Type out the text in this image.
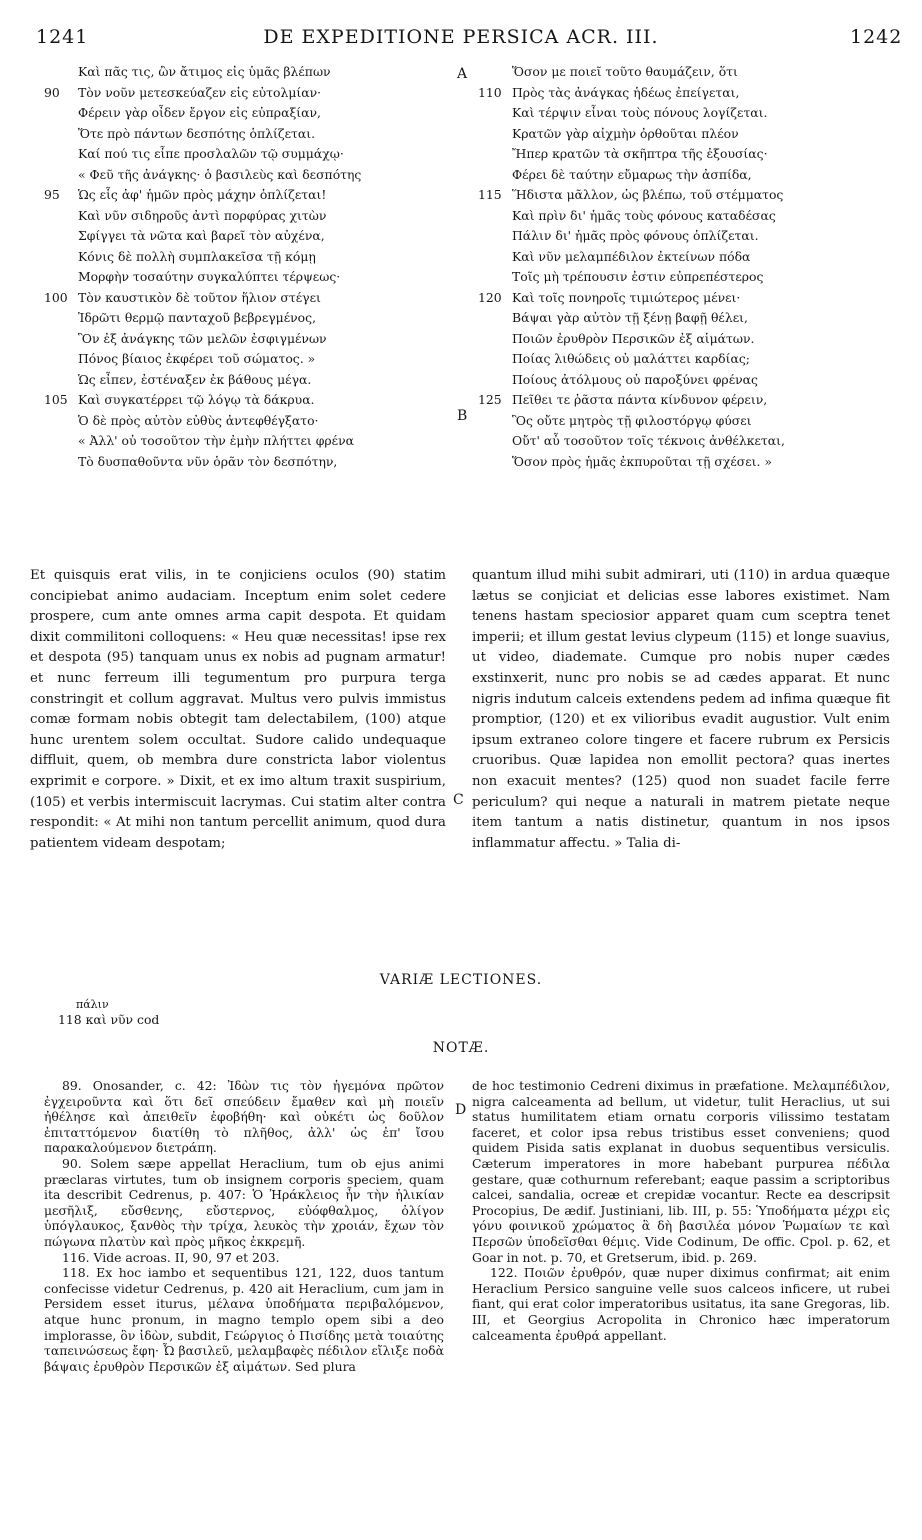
1241	DE EXPEDITIONE PERSICA ACR. III.	1242
Καὶ πᾶς τις, ὢν ἄτιμος εἰς ὑμᾶς βλέπων
90 Τὸν νοῦν μετεσκεύαζεν εἰς εὐτολμίαν·
Φέρειν γὰρ οἶδεν ἔργον εἰς εὐπραξίαν,
Ὅτε πρὸ πάντων δεσπότης ὁπλίζεται.
Καί πού τις εἶπε προσλαλῶν τῷ συμμάχῳ·
« Φεῦ τῆς ἀνάγκης· ὁ βασιλεὺς καὶ δεσπότης
95 Ὡς εἷς ἀφ' ἡμῶν πρὸς μάχην ὁπλίζεται!
Καὶ νῦν σιδηροῦς ἀντὶ πορφύρας χιτὼν
Σφίγγει τὰ νῶτα καὶ βαρεῖ τὸν αὐχένα,
Κόνις δὲ πολλὴ συμπλακεῖσα τῇ κόμῃ
Μορφὴν τοσαύτην συγκαλύπτει τέρψεως·
100 Τὸν καυστικὸν δὲ τοῦτον ἥλιον στέγει
Ἱδρῶτι θερμῷ πανταχοῦ βεβρεγμένος,
Ὃν ἐξ ἀνάγκης τῶν μελῶν ἐσφιγμένων
Πόνος βίαιος ἐκφέρει τοῦ σώματος. »
Ὡς εἶπεν, ἐστέναξεν ἐκ βάθους μέγα.
105 Καὶ συγκατέρρει τῷ λόγῳ τὰ δάκρυα.
Ὁ δὲ πρὸς αὐτὸν εὐθὺς ἀντεφθέγξατο·
« Ἀλλ' οὐ τοσοῦτον τὴν ἐμὴν πλήττει φρένα
Τὸ δυσπαθοῦντα νῦν ὁρᾶν τὸν δεσπότην,
Ὅσον με ποιεῖ τοῦτο θαυμάζειν, ὅτι
110 Πρὸς τὰς ἀνάγκας ἡδέως ἐπείγεται,
Καὶ τέρψιν εἶναι τοὺς πόνους λογίζεται.
Κρατῶν γὰρ αἰχμὴν ὀρθοῦται πλέον
Ἤπερ κρατῶν τὰ σκῆπτρα τῆς ἐξουσίας·
Φέρει δὲ ταύτην εὔμαρως τὴν ἀσπίδα,
115 Ἥδιστα μᾶλλον, ὡς βλέπω, τοῦ στέμματος
Καὶ πρὶν δι' ἡμᾶς τοὺς φόνους καταδέσας
Πάλιν δι' ἡμᾶς πρὸς φόνους ὁπλίζεται.
Καὶ νῦν μελαμπέδιλον ἐκτείνων πόδα
Τοῖς μὴ τρέπουσιν ἐστιν εὐπρεπέστερος
120 Καὶ τοῖς πονηροῖς τιμιώτερος μένει·
Βάψαι γὰρ αὐτὸν τῇ ξένῃ βαφῇ θέλει,
Ποιῶν ἐρυθρὸν Περσικῶν ἐξ αἱμάτων.
Ποίας λιθώδεις οὐ μαλάττει καρδίας;
Ποίους ἀτόλμους οὐ παροξύνει φρένας
125 Πεῖθει τε ῥᾶστα πάντα κίνδυνον φέρειν,
Ὃς οὔτε μητρὸς τῇ φιλοστόργῳ φύσει
Οὔτ' αὖ τοσοῦτον τοῖς τέκνοις ἀνθέλκεται,
Ὅσον πρὸς ἡμᾶς ἐκπυροῦται τῇ σχέσει. »
A
B
C
D

Et quisquis erat vilis, in te conjiciens oculos (90) statim concipiebat animo audaciam. Inceptum enim solet cedere prospere, cum ante omnes arma capit despota. Et quidam dixit commilitoni colloquens: « Heu quæ necessitas! ipse rex et despota (95) tanquam unus ex nobis ad pugnam armatur! et nunc ferreum illi tegumentum pro purpura terga constringit et collum aggravat. Multus vero pulvis immistus comæ formam nobis obtegit tam delectabilem, (100) atque hunc urentem solem occultat. Sudore calido undequaque diffluit, quem, ob membra dure constricta labor violentus exprimit e corpore. » Dixit, et ex imo altum traxit suspirium, (105) et verbis intermiscuit lacrymas. Cui statim alter contra respondit: « At mihi non tantum percellit animum, quod dura patientem videam despotam;

quantum illud mihi subit admirari, uti (110) in ardua quæque lætus se conjiciat et delicias esse labores existimet. Nam tenens hastam speciosior apparet quam cum sceptra tenet imperii; et illum gestat levius clypeum (115) et longe suavius, ut video, diademate. Cumque pro nobis nuper cædes exstinxerit, nunc pro nobis se ad cædes apparat. Et nunc nigris indutum calceis extendens pedem ad infima quæque fit promptior, (120) et ex vilioribus evadit augustior. Vult enim ipsum extraneo colore tingere et facere rubrum ex Persicis cruoribus. Quæ lapidea non emollit pectora? quas inertes non exacuit mentes? (125) quod non suadet facile ferre periculum? qui neque a naturali in matrem pietate neque item tantum a natis distinetur, quantum in nos ipsos inflammatur affectu. » Talia di-

VARIÆ LECTIONES.
πάλιν
118 καὶ νῦν cod
NOTÆ.

89. Onosander, c. 42: Ἰδὼν τις τὸν ἡγεμόνα πρῶτον ἐγχειροῦντα καὶ ὅτι δεῖ σπεύδειν ἔμαθεν καὶ μὴ ποιεῖν ἠθέλησε καὶ ἀπειθεῖν ἐφοβήθη· καὶ οὐκέτι ὡς δοῦλον ἐπιταττόμενον διατίθη τὸ πλῆθος, ἀλλ' ὡς ἐπ' ἴσου παρακαλούμενον διετράπη.

90. Solem sæpe appellat Heraclium, tum ob ejus animi præclaras virtutes, tum ob insignem corporis speciem, quam ita describit Cedrenus, p. 407: Ὁ Ἡράκλειος ἦν τὴν ἡλικίαν μεσῆλιξ, εὔσθενης, εὔστερνος, εὐόφθαλμος, ὀλίγον ὑπόγλαυκος, ξανθὸς τὴν τρίχα, λευκὸς τὴν χροιάν, ἔχων τὸν πώγωνα πλατὺν καὶ πρὸς μῆκος ἐκκρεμῆ.

116. Vide acroas. II, 90, 97 et 203.

118. Ex hoc iambo et sequentibus 121, 122, duos tantum confecisse videtur Cedrenus, p. 420 ait Heraclium, cum jam in Persidem esset iturus, μέλανα ὑποδήματα περιβαλόμενον, atque hunc pronum, in magno templo opem sibi a deo implorasse, ὃν ἰδὼν, subdit, Γεώργιος ὁ Πισίδης μετὰ τοιαύτης ταπεινώσεως ἔφη· Ὦ βασιλεῦ, μελαμβαφὲς πέδιλον εἴλιξε ποδὰ βάψαις ἐρυθρὸν Περσικῶν ἐξ αἱμάτων. Sed plura

de hoc testimonio Cedreni diximus in præfatione. Μελαμπέδιλον, nigra calceamenta ad bellum, ut videtur, tulit Heraclius, ut sui status humilitatem etiam ornatu corporis vilissimo testatam faceret, et color ipsa rebus tristibus esset conveniens; quod quidem Pisida satis explanat in duobus sequentibus versiculis. Cæterum imperatores in more habebant purpurea πέδιλα gestare, quæ cothurnum referebant; eaque passim a scriptoribus calcei, sandalia, ocreæ et crepidæ vocantur. Recte ea descripsit Procopius, De ædif. Justiniani, lib. III, p. 55: Ὑποδήματα μέχρι εἰς γόνυ φοινικοῦ χρώματος ἃ δὴ βασιλέα μόνον Ῥωμαίων τε καὶ Περσῶν ὑποδεῖσθαι θέμις. Vide Codinum, De offic. Cpol. p. 62, et Goar in not. p. 70, et Gretserum, ibid. p. 269.

122. Ποιῶν ἐρυθρόν, quæ nuper diximus confirmat; ait enim Heraclium Persico sanguine velle suos calceos inficere, ut rubei fiant, qui erat color imperatoribus usitatus, ita sane Gregoras, lib. III, et Georgius Acropolita in Chronico hæc imperatorum calceamenta ἐρυθρά appellant.
